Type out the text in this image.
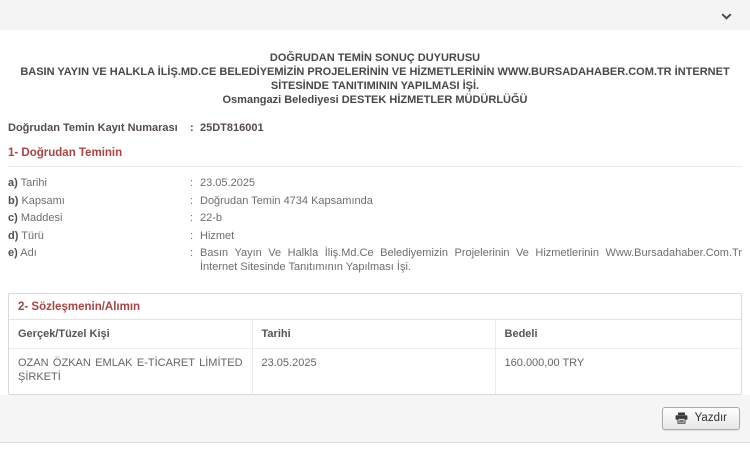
DOĞRUDAN TEMİN SONUÇ DUYURUSU
BASIN YAYIN VE HALKLA İLİŞ.MD.CE BELEDİYEMİZİN PROJELERİNİN VE HİZMETLERİNİN WWW.BURSADAHABER.COM.TR İNTERNET SİTESİNDE TANITIMININ YAPILMASI İŞİ.
Osmangazi Belediyesi DESTEK HİZMETLER MÜDÜRLÜĞÜ
Doğrudan Temin Kayıt Numarası	: 25DT816001
1- Doğrudan Teminin
a) Tarihi	: 23.05.2025
b) Kapsamı	: Doğrudan Temin 4734 Kapsamında
c) Maddesi	: 22-b
d) Türü	: Hizmet
e) Adı	: Basın Yayın Ve Halkla İliş.Md.Ce Belediyemizin Projelerinin Ve Hizmetlerinin Www.Bursadahaber.Com.Tr İnternet Sitesinde Tanıtımının Yapılması İşi.
2- Sözleşmenin/Alımın
Gerçek/Tüzel Kişi	Tarihi	Bedeli
OZAN ÖZKAN EMLAK E-TİCARET LİMİTED ŞİRKETİ	23.05.2025	160.000,00 TRY
Yazdır
